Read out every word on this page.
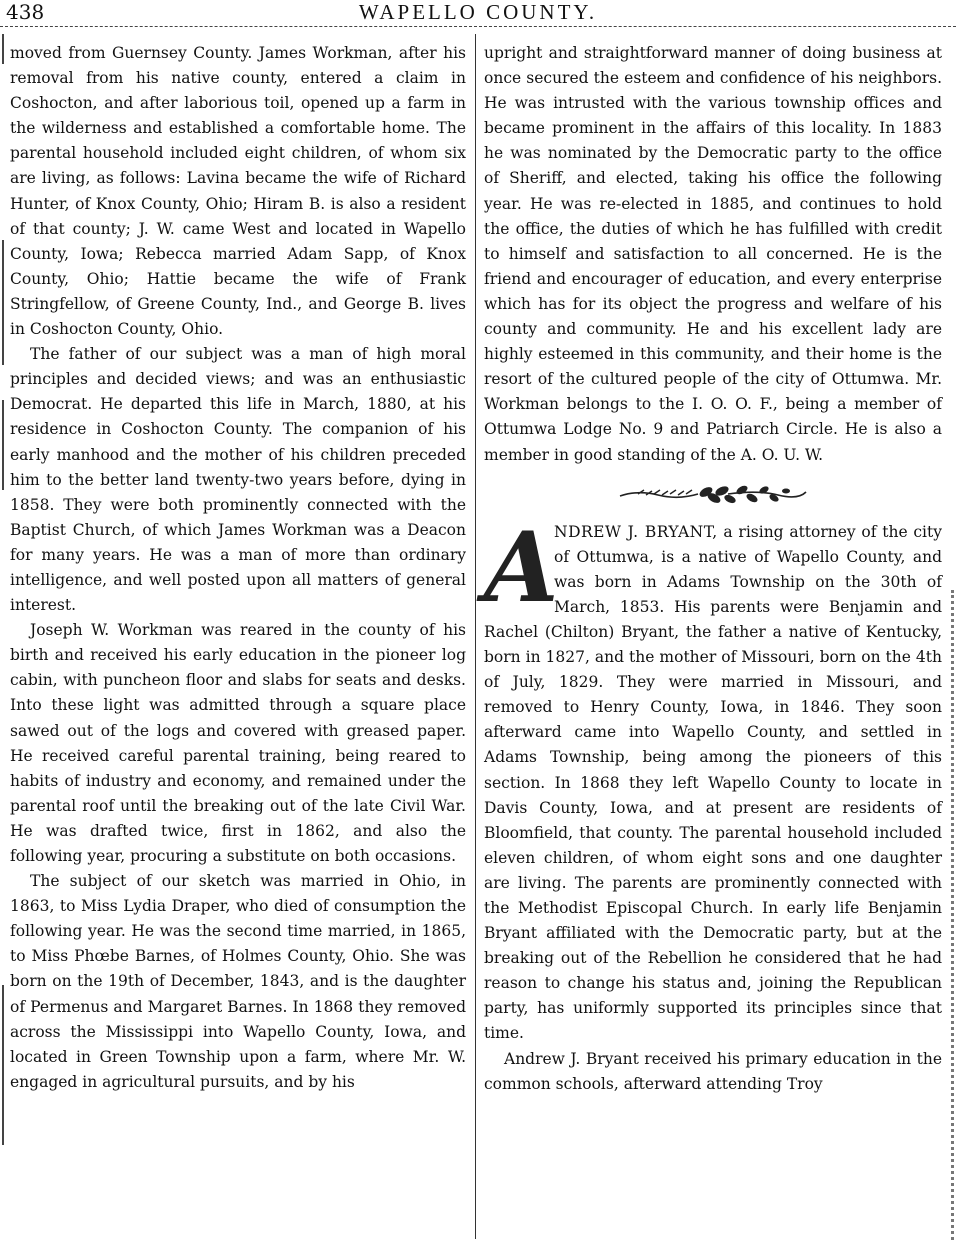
438	WAPELLO COUNTY.

moved from Guernsey County. James Workman, after his removal from his native county, entered a claim in Coshocton, and after laborious toil, opened up a farm in the wilderness and established a comfortable home. The parental household included eight children, of whom six are living, as follows: Lavina became the wife of Richard Hunter, of Knox County, Ohio; Hiram B. is also a resident of that county; J. W. came West and located in Wapello County, Iowa; Rebecca married Adam Sapp, of Knox County, Ohio; Hattie became the wife of Frank Stringfellow, of Greene County, Ind., and George B. lives in Coshocton County, Ohio.

The father of our subject was a man of high moral principles and decided views; and was an enthusiastic Democrat. He departed this life in March, 1880, at his residence in Coshocton County. The companion of his early manhood and the mother of his children preceded him to the better land twenty-two years before, dying in 1858. They were both prominently connected with the Baptist Church, of which James Workman was a Deacon for many years. He was a man of more than ordinary intelligence, and well posted upon all matters of general interest.

Joseph W. Workman was reared in the county of his birth and received his early education in the pioneer log cabin, with puncheon floor and slabs for seats and desks. Into these light was admitted through a square place sawed out of the logs and covered with greased paper. He received careful parental training, being reared to habits of industry and economy, and remained under the parental roof until the breaking out of the late Civil War. He was drafted twice, first in 1862, and also the following year, procuring a substitute on both occasions.

The subject of our sketch was married in Ohio, in 1863, to Miss Lydia Draper, who died of consumption the following year. He was the second time married, in 1865, to Miss Phœbe Barnes, of Holmes County, Ohio. She was born on the 19th of December, 1843, and is the daughter of Permenus and Margaret Barnes. In 1868 they removed across the Mississippi into Wapello County, Iowa, and located in Green Township upon a farm, where Mr. W. engaged in agricultural pursuits, and by his

upright and straightforward manner of doing business at once secured the esteem and confidence of his neighbors. He was intrusted with the various township offices and became prominent in the affairs of this locality. In 1883 he was nominated by the Democratic party to the office of Sheriff, and elected, taking his office the following year. He was re-elected in 1885, and continues to hold the office, the duties of which he has fulfilled with credit to himself and satisfaction to all concerned. He is the friend and encourager of education, and every enterprise which has for its object the progress and welfare of his county and community. He and his excellent lady are highly esteemed in this community, and their home is the resort of the cultured people of the city of Ottumwa. Mr. Workman belongs to the I. O. O. F., being a member of Ottumwa Lodge No. 9 and Patriarch Circle. He is also a member in good standing of the A. O. U. W.

A

NDREW J. BRYANT, a rising attorney of the city of Ottumwa, is a native of Wapello County, and was born in Adams Township on the 30th of March, 1853. His parents were Benjamin and Rachel (Chilton) Bryant, the father a native of Kentucky, born in 1827, and the mother of Missouri, born on the 4th of July, 1829. They were married in Missouri, and removed to Henry County, Iowa, in 1846. They soon afterward came into Wapello County, and settled in Adams Township, being among the pioneers of this section. In 1868 they left Wapello County to locate in Davis County, Iowa, and at present are residents of Bloomfield, that county. The parental household included eleven children, of whom eight sons and one daughter are living. The parents are prominently connected with the Methodist Episcopal Church. In early life Benjamin Bryant affiliated with the Democratic party, but at the breaking out of the Rebellion he considered that he had reason to change his status and, joining the Republican party, has uniformly supported its principles since that time.

Andrew J. Bryant received his primary education in the common schools, afterward attending Troy
